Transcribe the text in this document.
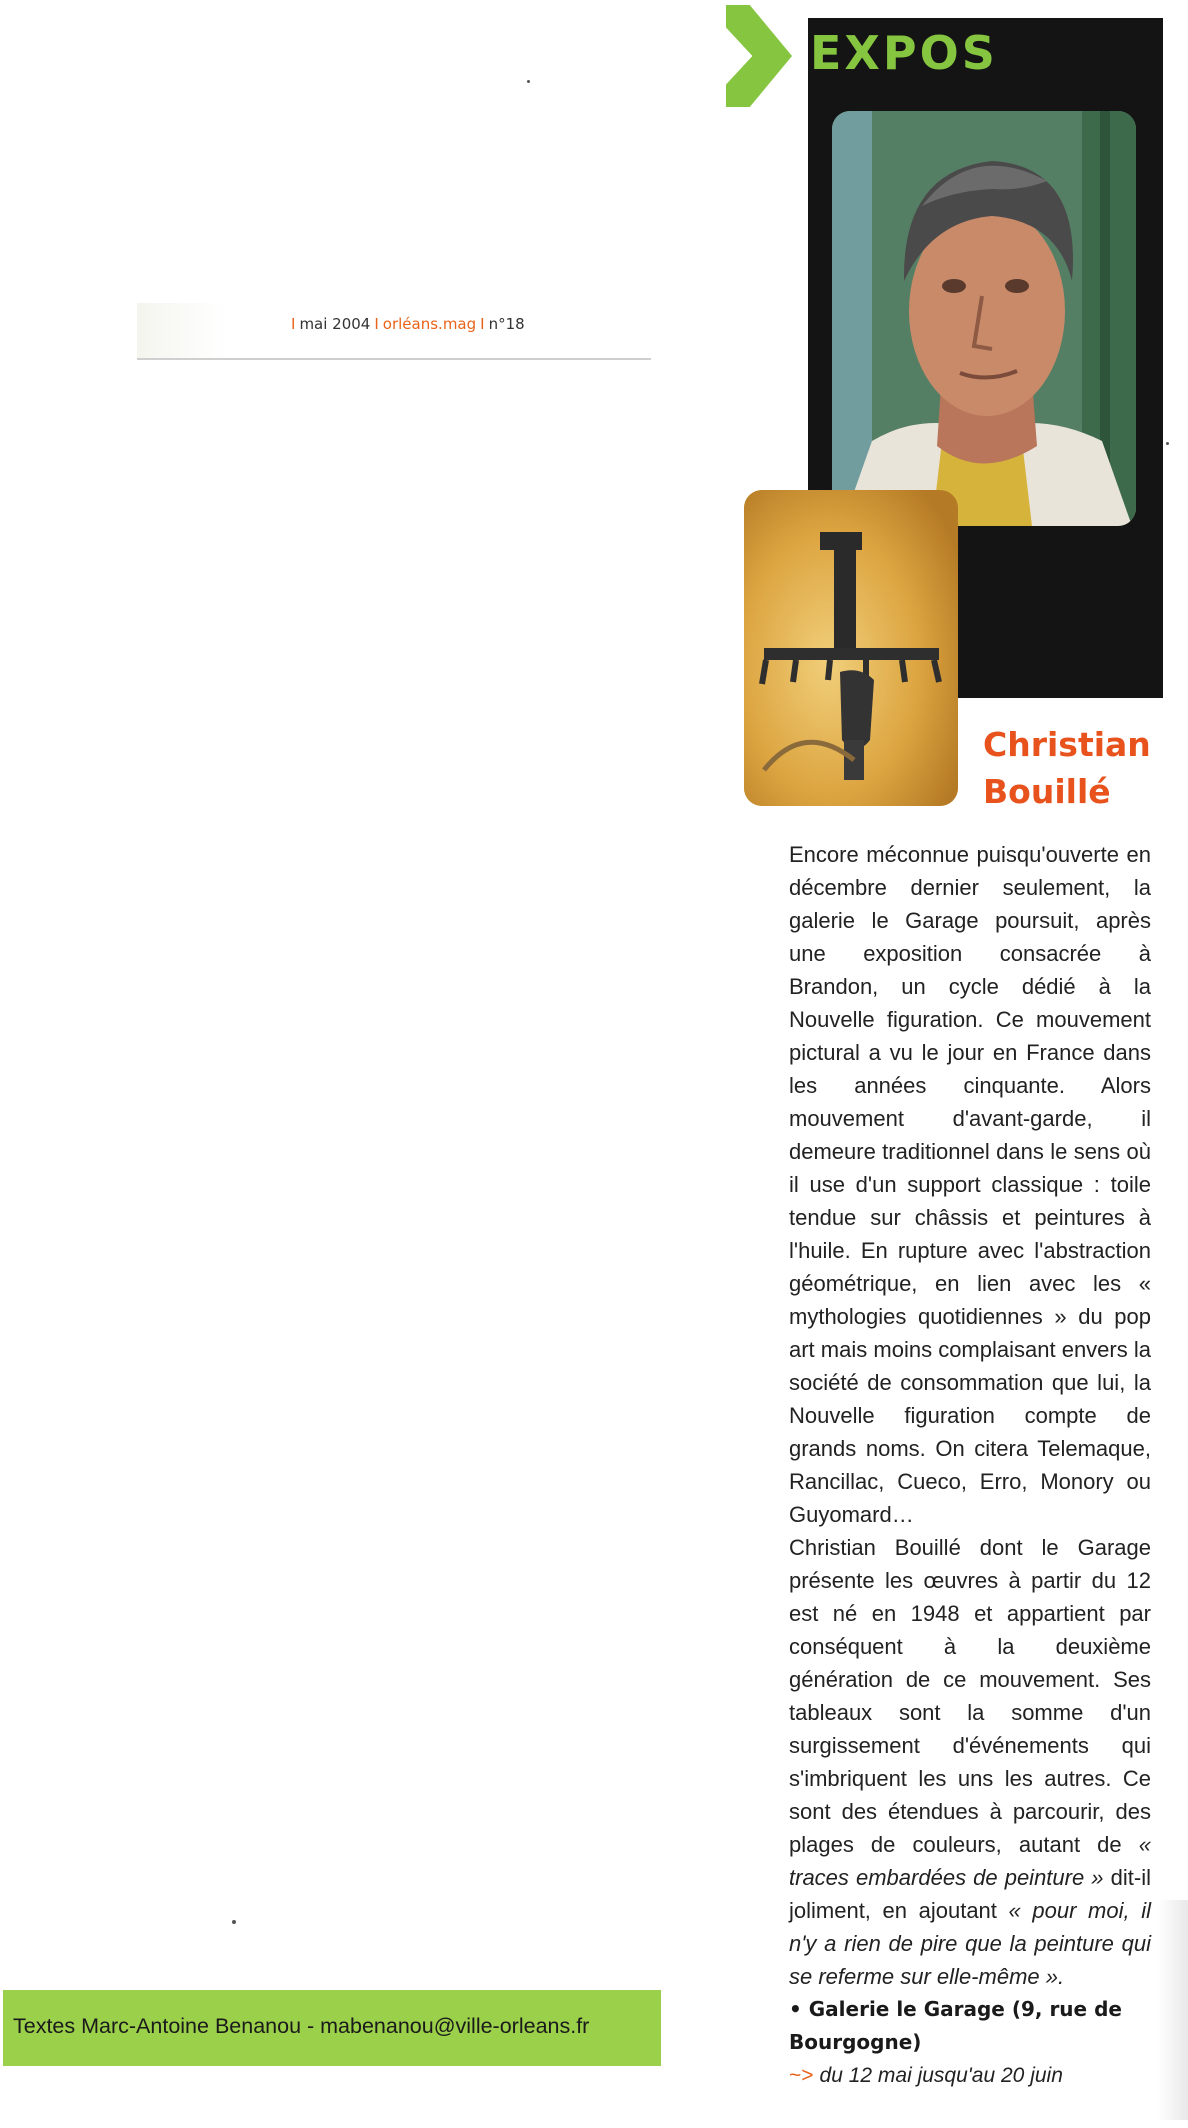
I mai 2004 I orléans.mag I n°18
EXPOS
Christian
Bouillé

Encore méconnue puisqu'ouverte en décembre dernier seulement, la galerie le Garage poursuit, après une exposition consacrée à Brandon, un cycle dédié à la Nouvelle figuration. Ce mouvement pictural a vu le jour en France dans les années cinquante. Alors mouvement d'avant-garde, il demeure traditionnel dans le sens où il use d'un support classique : toile tendue sur châssis et peintures à l'huile. En rupture avec l'abstraction géométrique, en lien avec les « mythologies quotidiennes » du pop art mais moins complaisant envers la société de consommation que lui, la Nouvelle figuration compte de grands noms. On citera Telemaque, Rancillac, Cueco, Erro, Monory ou Guyomard…

Christian Bouillé dont le Garage présente les œuvres à partir du 12 est né en 1948 et appartient par conséquent à la deuxième génération de ce mouvement. Ses tableaux sont la somme d'un surgissement d'événements qui s'imbriquent les uns les autres. Ce sont des étendues à parcourir, des plages de couleurs, autant de « traces embardées de peinture » dit-il joliment, en ajoutant « pour moi, il n'y a rien de pire que la peinture qui se referme sur elle-même ».

• Galerie le Garage (9, rue de Bourgogne)
~> du 12 mai jusqu'au 20 juin
Textes Marc-Antoine Benanou - mabenanou@ville-orleans.fr
